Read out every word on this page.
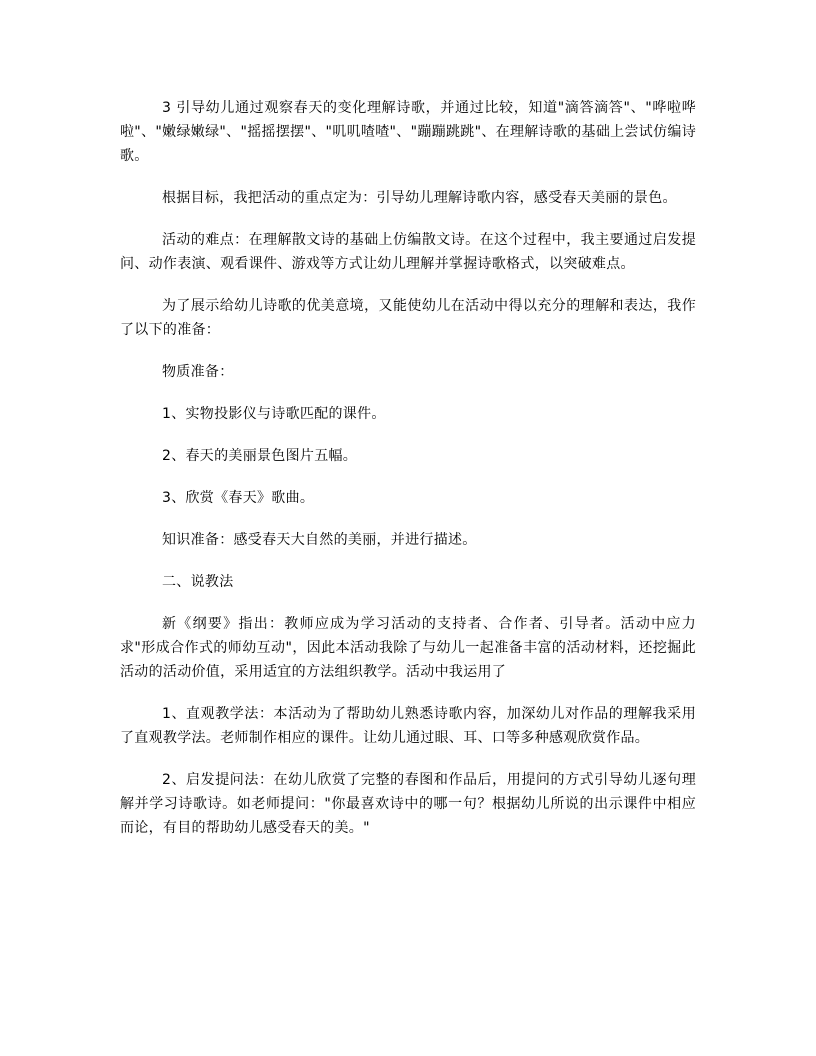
3 引导幼儿通过观察春天的变化理解诗歌，并通过比较，知道"滴答滴答"、"哗啦哗啦"、"嫩绿嫩绿"、"摇摇摆摆"、"叽叽喳喳"、"蹦蹦跳跳"、在理解诗歌的基础上尝试仿编诗歌。

根据目标，我把活动的重点定为：引导幼儿理解诗歌内容，感受春天美丽的景色。

活动的难点：在理解散文诗的基础上仿编散文诗。在这个过程中，我主要通过启发提问、动作表演、观看课件、游戏等方式让幼儿理解并掌握诗歌格式，以突破难点。

为了展示给幼儿诗歌的优美意境，又能使幼儿在活动中得以充分的理解和表达，我作了以下的准备：

物质准备：

1、实物投影仪与诗歌匹配的课件。

2、春天的美丽景色图片五幅。

3、欣赏《春天》歌曲。

知识准备：感受春天大自然的美丽，并进行描述。

二、说教法

新《纲要》指出：教师应成为学习活动的支持者、合作者、引导者。活动中应力求"形成合作式的师幼互动"，因此本活动我除了与幼儿一起准备丰富的活动材料，还挖掘此活动的活动价值，采用适宜的方法组织教学。活动中我运用了

1、直观教学法：本活动为了帮助幼儿熟悉诗歌内容，加深幼儿对作品的理解我采用了直观教学法。老师制作相应的课件。让幼儿通过眼、耳、口等多种感观欣赏作品。

2、启发提问法：在幼儿欣赏了完整的春图和作品后，用提问的方式引导幼儿逐句理解并学习诗歌诗。如老师提问："你最喜欢诗中的哪一句？根据幼儿所说的出示课件中相应而论，有目的帮助幼儿感受春天的美。"
